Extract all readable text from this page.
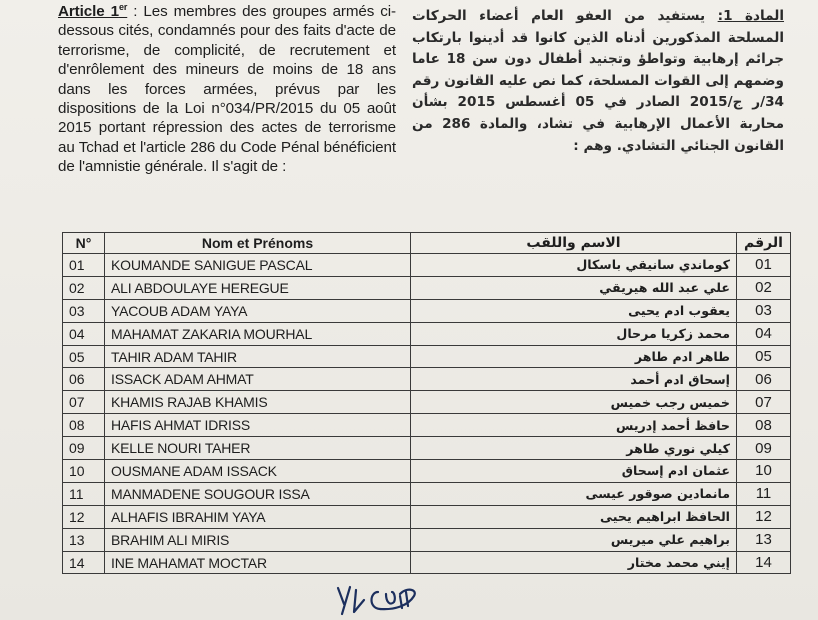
Article 1er : Les membres des groupes armés ci-dessous cités, condamnés pour des faits d'acte de terrorisme, de complicité, de recrutement et d'enrôlement des mineurs de moins de 18 ans dans les forces armées, prévus par les dispositions de la Loi n°034/PR/2015 du 05 août 2015 portant répression des actes de terrorisme au Tchad et l'article 286 du Code Pénal bénéficient de l'amnistie générale. Il s'agit de :
المادة 1: يستفيد من العفو العام أعضاء الحركات المسلحة المذكورين أدناه الذين كانوا قد أدينوا بارتكاب جرائم إرهابية وتواطؤ وتجنيد أطفال دون سن 18 عاما وضمهم إلى القوات المسلحة، كما نص عليه القانون رقم 34/ر ج/2015 الصادر في 05 أغسطس 2015 بشأن محاربة الأعمال الإرهابية في تشاد، والمادة 286 من القانون الجنائي التشادي. وهم :
N°	Nom et Prénoms	الاسم واللقب	الرقم
01	KOUMANDE SANIGUE PASCAL	كوماندي سانيقي باسكال	01
02	ALI ABDOULAYE HEREGUE	علي عبد الله هيريقي	02
03	YACOUB ADAM YAYA	يعقوب ادم يحيى	03
04	MAHAMAT ZAKARIA MOURHAL	محمد زكريا مرحال	04
05	TAHIR ADAM TAHIR	طاهر ادم طاهر	05
06	ISSACK ADAM AHMAT	إسحاق ادم أحمد	06
07	KHAMIS RAJAB KHAMIS	خميس رجب خميس	07
08	HAFIS AHMAT IDRISS	حافظ أحمد إدريس	08
09	KELLE NOURI TAHER	كيلي نوري طاهر	09
10	OUSMANE ADAM ISSACK	عثمان ادم إسحاق	10
11	MANMADENE SOUGOUR ISSA	مانمادين صوقور عيسى	11
12	ALHAFIS IBRAHIM YAYA	الحافظ ابراهيم يحيى	12
13	BRAHIM ALI MIRIS	براهيم علي ميريس	13
14	INE MAHAMAT MOCTAR	إيني محمد مختار	14
